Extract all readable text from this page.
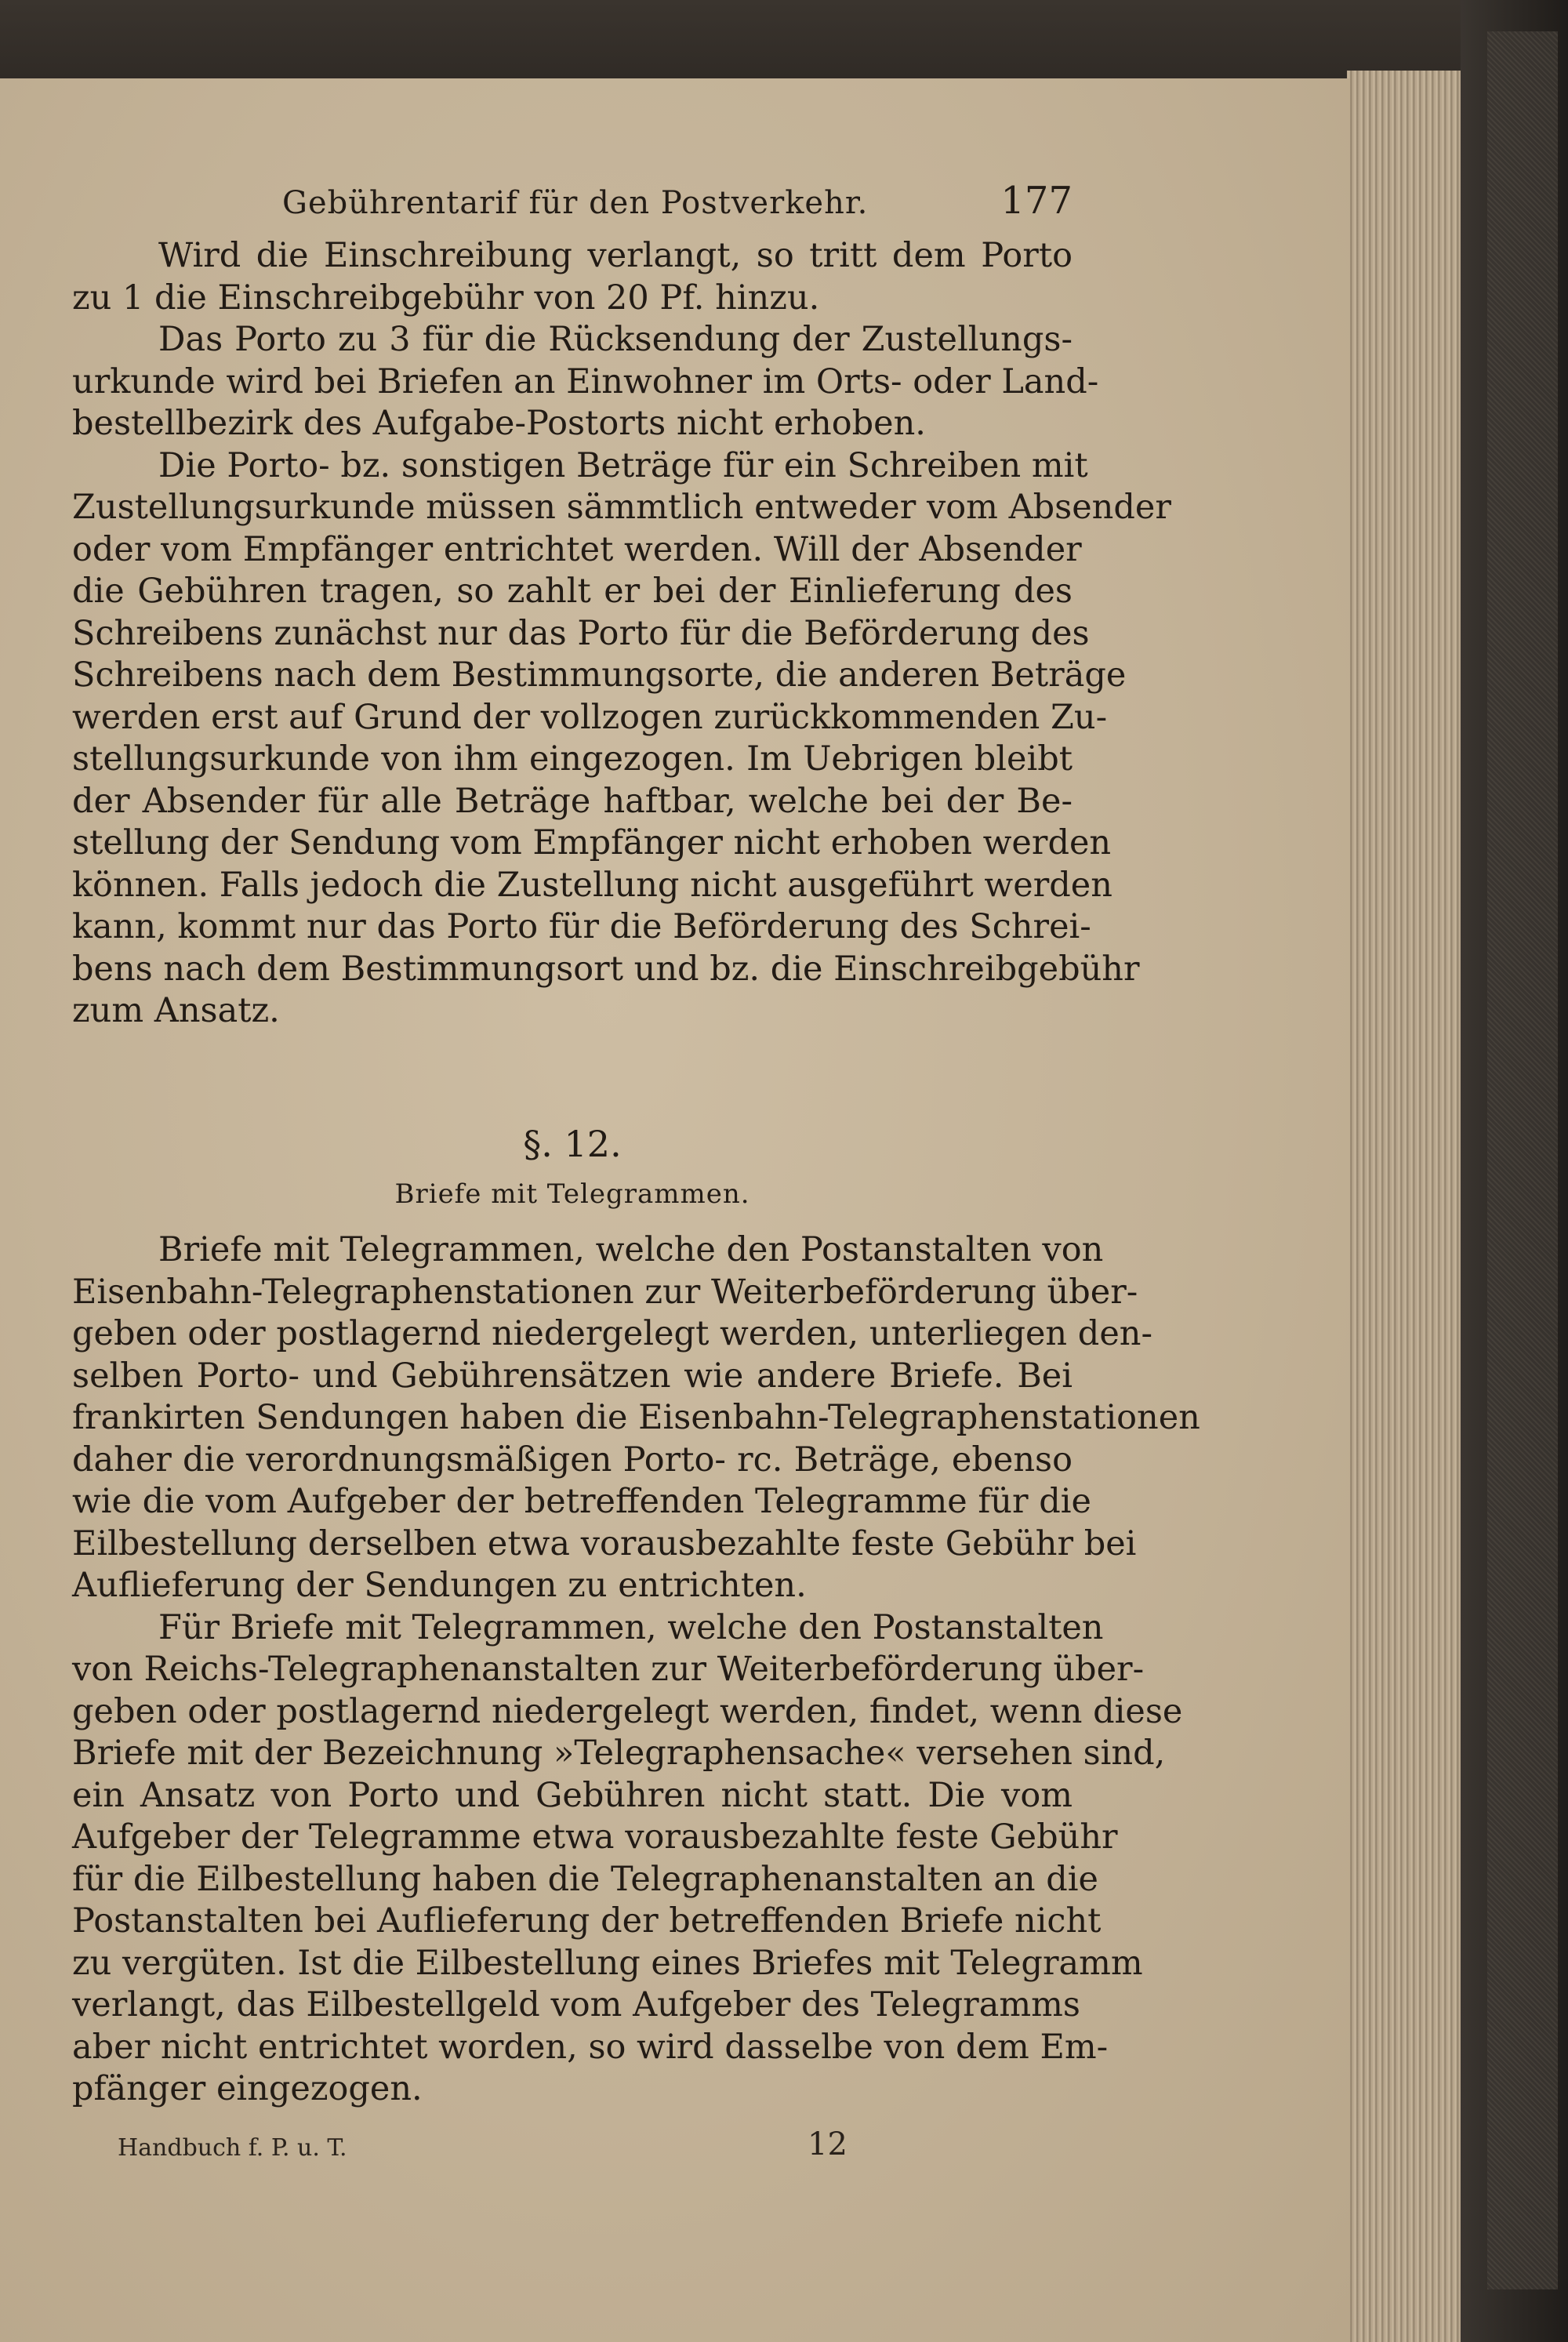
Gebührentarif für den Postverkehr.	177
Wird die Einschreibung verlangt, so tritt dem Porto
zu 1 die Einschreibgebühr von 20 Pf. hinzu.
Das Porto zu 3 für die Rücksendung der Zustellungs-
urkunde wird bei Briefen an Einwohner im Orts- oder Land-
bestellbezirk des Aufgabe-Postorts nicht erhoben.
Die Porto- bz. sonstigen Beträge für ein Schreiben mit
Zustellungsurkunde müssen sämmtlich entweder vom Absender
oder vom Empfänger entrichtet werden. Will der Absender
die Gebühren tragen, so zahlt er bei der Einlieferung des
Schreibens zunächst nur das Porto für die Beförderung des
Schreibens nach dem Bestimmungsorte, die anderen Beträge
werden erst auf Grund der vollzogen zurückkommenden Zu-
stellungsurkunde von ihm eingezogen. Im Uebrigen bleibt
der Absender für alle Beträge haftbar, welche bei der Be-
stellung der Sendung vom Empfänger nicht erhoben werden
können. Falls jedoch die Zustellung nicht ausgeführt werden
kann, kommt nur das Porto für die Beförderung des Schrei-
bens nach dem Bestimmungsort und bz. die Einschreibgebühr
zum Ansatz.
§. 12.
Briefe mit Telegrammen.
Briefe mit Telegrammen, welche den Postanstalten von
Eisenbahn-Telegraphenstationen zur Weiterbeförderung über-
geben oder postlagernd niedergelegt werden, unterliegen den-
selben Porto- und Gebührensätzen wie andere Briefe. Bei
frankirten Sendungen haben die Eisenbahn-Telegraphenstationen
daher die verordnungsmäßigen Porto- rc. Beträge, ebenso
wie die vom Aufgeber der betreffenden Telegramme für die
Eilbestellung derselben etwa vorausbezahlte feste Gebühr bei
Auflieferung der Sendungen zu entrichten.
Für Briefe mit Telegrammen, welche den Postanstalten
von Reichs-Telegraphenanstalten zur Weiterbeförderung über-
geben oder postlagernd niedergelegt werden, findet, wenn diese
Briefe mit der Bezeichnung »Telegraphensache« versehen sind,
ein Ansatz von Porto und Gebühren nicht statt. Die vom
Aufgeber der Telegramme etwa vorausbezahlte feste Gebühr
für die Eilbestellung haben die Telegraphenanstalten an die
Postanstalten bei Auflieferung der betreffenden Briefe nicht
zu vergüten. Ist die Eilbestellung eines Briefes mit Telegramm
verlangt, das Eilbestellgeld vom Aufgeber des Telegramms
aber nicht entrichtet worden, so wird dasselbe von dem Em-
pfänger eingezogen.
Handbuch f. P. u. T.	12
